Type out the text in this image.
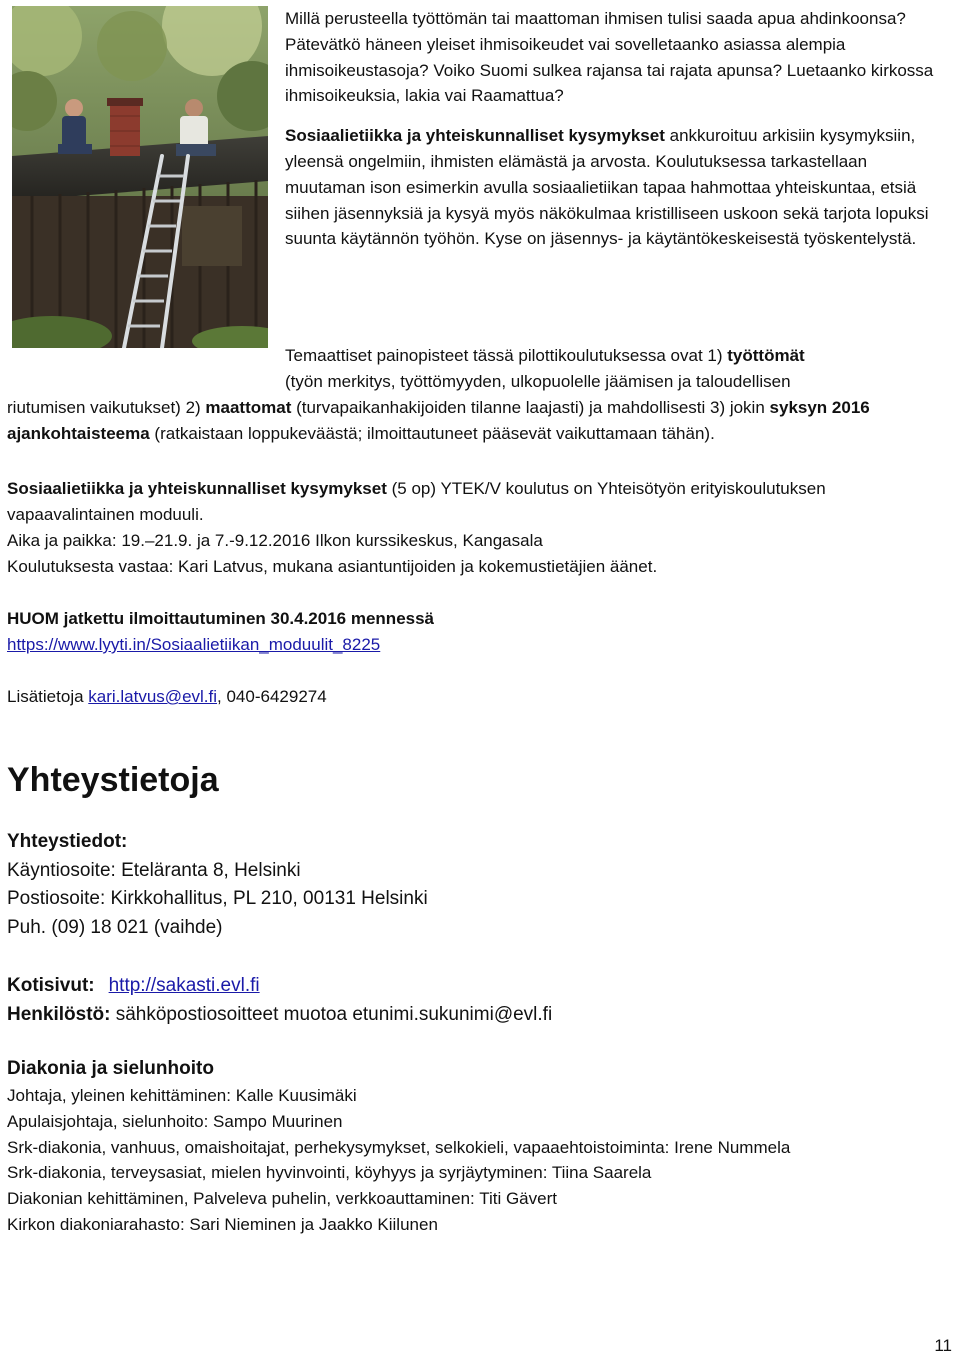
Millä perusteella työttömän tai maattoman ihmisen tulisi saada apua ahdinkoonsa? Pätevätkö häneen yleiset ihmisoikeudet vai sovelletaanko asiassa alempia ihmisoikeustasoja? Voiko Suomi sulkea rajansa tai rajata apunsa? Luetaanko kirkossa ihmisoikeuksia, lakia vai Raamattua?

Sosiaalietiikka ja yhteiskunnalliset kysymykset ankkuroituu arkisiin kysymyksiin, yleensä ongelmiin, ihmisten elämästä ja arvosta. Koulutuksessa tarkastellaan muutaman ison esimerkin avulla sosiaalietiikan tapaa hahmottaa yhteiskuntaa, etsiä siihen jäsennyksiä ja kysyä myös näkökulmaa kristilliseen uskoon sekä tarjota lopuksi suunta käytännön työhön. Kyse on jäsennys- ja käytäntökeskeisestä työskentelystä.

Temaattiset painopisteet tässä pilottikoulutuksessa ovat 1) työttömät
(työn merkitys, työttömyyden, ulkopuolelle jäämisen ja taloudellisen

riutumisen vaikutukset) 2) maattomat (turvapaikanhakijoiden tilanne laajasti) ja mahdollisesti 3) jokin syksyn 2016 ajankohtaisteema (ratkaistaan loppukeväästä; ilmoittautuneet pääsevät vaikuttamaan tähän).

Sosiaalietiikka ja yhteiskunnalliset kysymykset (5 op) YTEK/V koulutus on Yhteisötyön erityiskoulutuksen vapaavalintainen moduuli.

Aika ja paikka: 19.–21.9. ja 7.-9.12.2016 Ilkon kurssikeskus, Kangasala

Koulutuksesta vastaa: Kari Latvus, mukana asiantuntijoiden ja kokemustietäjien äänet.

HUOM jatkettu ilmoittautuminen 30.4.2016 mennessä

https://www.lyyti.in/Sosiaalietiikan_moduulit_8225

Lisätietoja kari.latvus@evl.fi, 040-6429274
Yhteystietoja

Yhteystiedot:

Käyntiosoite: Eteläranta 8, Helsinki

Postiosoite: Kirkkohallitus, PL 210, 00131 Helsinki

Puh. (09) 18 021 (vaihde)

Kotisivut: http://sakasti.evl.fi

Henkilöstö: sähköpostiosoitteet muotoa etunimi.sukunimi@evl.fi

Diakonia ja sielunhoito

Johtaja, yleinen kehittäminen: Kalle Kuusimäki

Apulaisjohtaja, sielunhoito: Sampo Muurinen

Srk-diakonia, vanhuus, omaishoitajat, perhekysymykset, selkokieli, vapaaehtoistoiminta: Irene Nummela

Srk-diakonia, terveysasiat, mielen hyvinvointi, köyhyys ja syrjäytyminen: Tiina Saarela

Diakonian kehittäminen, Palveleva puhelin, verkkoauttaminen: Titi Gävert

Kirkon diakoniarahasto: Sari Nieminen ja Jaakko Kiilunen

11
